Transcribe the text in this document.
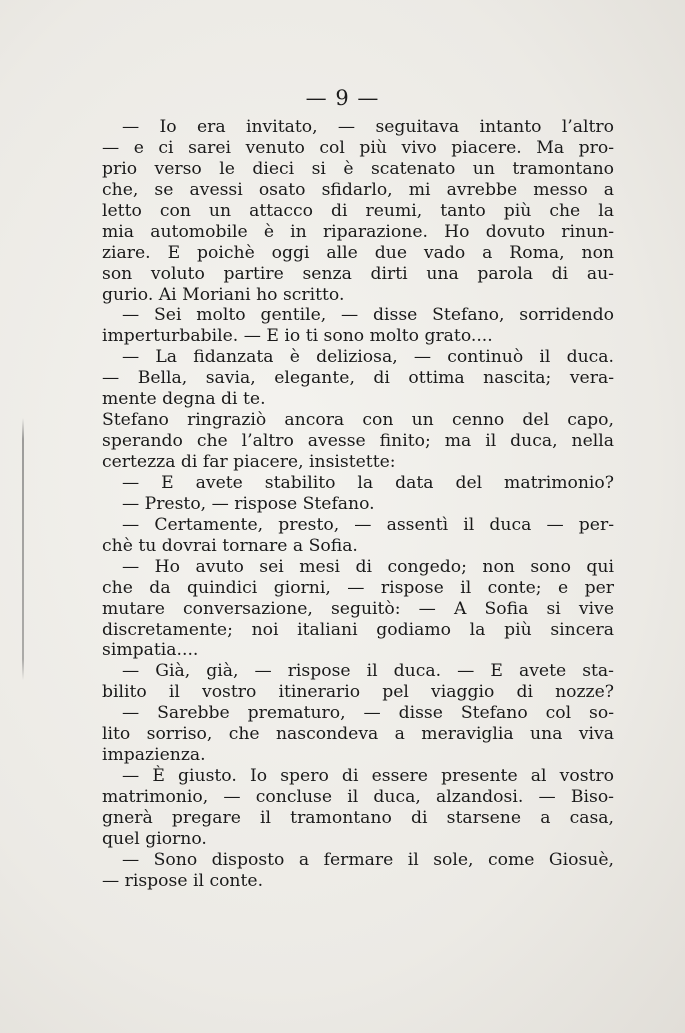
— 9 —
— Io era invitato, — seguitava intanto l’altro
— e ci sarei venuto col più vivo piacere. Ma pro-
prio verso le dieci si è scatenato un tramontano
che, se avessi osato sfidarlo, mi avrebbe messo a
letto con un attacco di reumi, tanto più che la
mia automobile è in riparazione. Ho dovuto rinun-
ziare. E poichè oggi alle due vado a Roma, non
son voluto partire senza dirti una parola di au-
gurio. Ai Moriani ho scritto.
— Sei molto gentile, — disse Stefano, sorridendo
imperturbabile. — E io ti sono molto grato....
— La fidanzata è deliziosa, — continuò il duca.
— Bella, savia, elegante, di ottima nascita; vera-
mente degna di te.
Stefano ringraziò ancora con un cenno del capo,
sperando che l’altro avesse finito; ma il duca, nella
certezza di far piacere, insistette:
— E avete stabilito la data del matrimonio?
— Presto, — rispose Stefano.
— Certamente, presto, — assentì il duca — per-
chè tu dovrai tornare a Sofia.
— Ho avuto sei mesi di congedo; non sono qui
che da quindici giorni, — rispose il conte; e per
mutare conversazione, seguitò: — A Sofia si vive
discretamente; noi italiani godiamo la più sincera
simpatia....
— Già, già, — rispose il duca. — E avete sta-
bilito il vostro itinerario pel viaggio di nozze?
— Sarebbe prematuro, — disse Stefano col so-
lito sorriso, che nascondeva a meraviglia una viva
impazienza.
— È giusto. Io spero di essere presente al vostro
matrimonio, — concluse il duca, alzandosi. — Biso-
gnerà pregare il tramontano di starsene a casa,
quel giorno.
— Sono disposto a fermare il sole, come Giosuè,
— rispose il conte.
